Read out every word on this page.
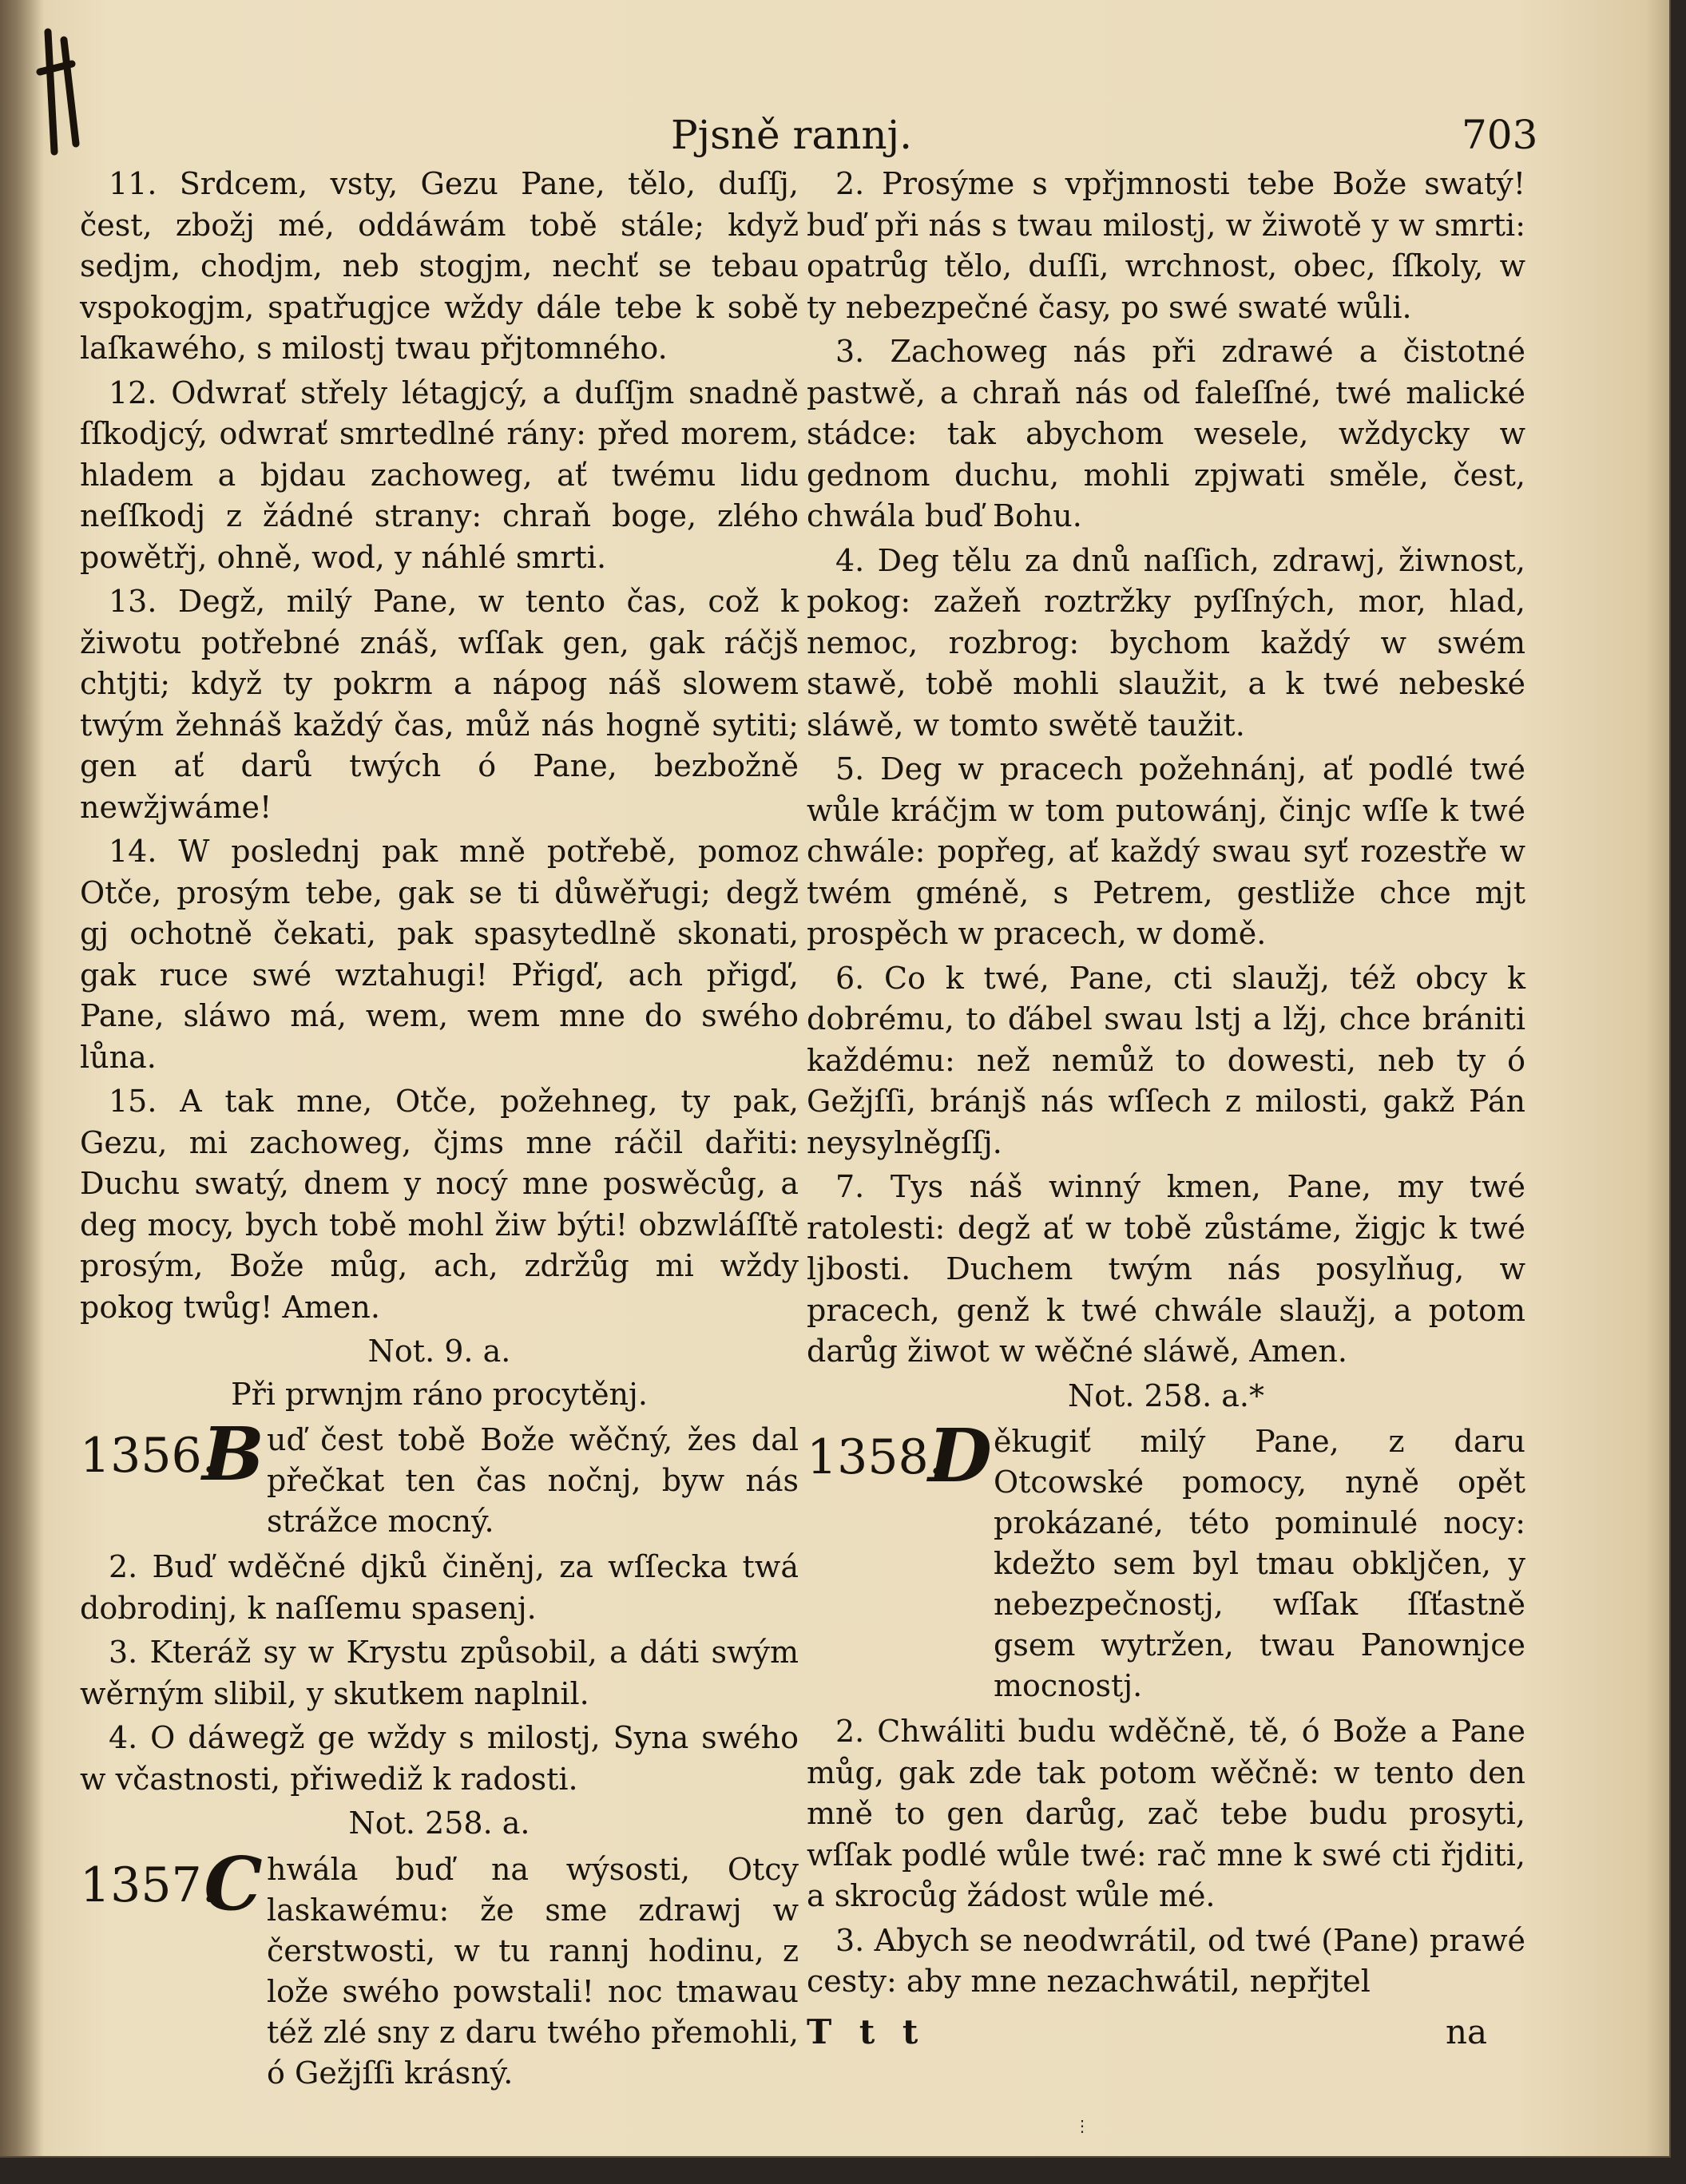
Pjsně rannj.	703

11. Srdcem, vsty, Gezu Pane, tělo, duſſj, čest, zbožj mé, oddáwám tobě stále; když sedjm, chodjm, neb stogjm, nechť se tebau vspokogjm, spatřugjce wždy dále tebe k sobě laſkawého, s milostj twau přjtomného.

12. Odwrať střely létagjcý, a duſſjm snadně ſſkodjcý, odwrať smrtedlné rány: před morem, hladem a bjdau zachoweg, ať twému lidu neſſkodj z žádné strany: chraň boge, zlého powětřj, ohně, wod, y náhlé smrti.

13. Degž, milý Pane, w tento čas, což k žiwotu potřebné znáš, wſſak gen, gak ráčjš chtjti; když ty pokrm a nápog náš slowem twým žehnáš každý čas, můž nás hogně sytiti; gen ať darů twých ó Pane, bezbožně newžjwáme!

14. W poslednj pak mně potřebě, pomoz Otče, prosým tebe, gak se ti důwěřugi; degž gj ochotně čekati, pak spasytedlně skonati, gak ruce swé wztahugi! Přigď, ach přigď, Pane, sláwo má, wem, wem mne do swého lůna.

15. A tak mne, Otče, požehneg, ty pak, Gezu, mi zachoweg, čjms mne ráčil dařiti: Duchu swatý, dnem y nocý mne poswěcůg, a deg mocy, bych tobě mohl žiw býti! obzwláſſtě prosým, Bože můg, ach, zdržůg mi wždy pokog twůg! Amen.

Not. 9. a.

Při prwnjm ráno procytěnj.

1356.
B uď čest tobě Bože wěčný, žes dal přečkat ten čas nočnj, byw nás strážce mocný.

2. Buď wděčné djků činěnj, za wſſecka twá dobrodinj, k naſſemu spasenj.

3. Kteráž sy w Krystu způsobil, a dáti swým wěrným slibil, y skutkem naplnil.

4. O dáwegž ge wždy s milostj, Syna swého w včastnosti, přiwediž k radosti.

Not. 258. a.

1357.
C hwála buď na wýsosti, Otcy laskawému: že sme zdrawj w čerstwosti, w tu rannj hodinu, z lože swého powstali! noc tmawau též zlé sny z daru twého přemohli, ó Gežjſſi krásný.

2. Prosýme s vpřjmnosti tebe Bože swatý! buď při nás s twau milostj, w žiwotě y w smrti: opatrůg tělo, duſſi, wrchnost, obec, ſſkoly, w ty nebezpečné časy, po swé swaté wůli.

3. Zachoweg nás při zdrawé a čistotné pastwě, a chraň nás od faleſſné, twé malické stádce: tak abychom wesele, wždycky w gednom duchu, mohli zpjwati směle, čest, chwála buď Bohu.

4. Deg tělu za dnů naſſich, zdrawj, žiwnost, pokog: zažeň roztržky pyſſných, mor, hlad, nemoc, rozbrog: bychom každý w swém stawě, tobě mohli slaužit, a k twé nebeské sláwě, w tomto swětě taužit.

5. Deg w pracech požehnánj, ať podlé twé wůle kráčjm w tom putowánj, činjc wſſe k twé chwále: popřeg, ať každý swau syť rozestře w twém gméně, s Petrem, gestliže chce mjt prospěch w pracech, w domě.

6. Co k twé, Pane, cti slaužj, též obcy k dobrému, to ďábel swau lstj a lžj, chce brániti každému: než nemůž to dowesti, neb ty ó Gežjſſi, bránjš nás wſſech z milosti, gakž Pán neysylněgſſj.

7. Tys náš winný kmen, Pane, my twé ratolesti: degž ať w tobě zůstáme, žigjc k twé ljbosti. Duchem twým nás posylňug, w pracech, genž k twé chwále slaužj, a potom darůg žiwot w wěčné sláwě, Amen.

Not. 258. a.*

1358.
D ěkugiť milý Pane, z daru Otcowské pomocy, nyně opět prokázané, této pominulé nocy: kdežto sem byl tmau obkljčen, y nebezpečnostj, wſſak ſſťastně gsem wytržen, twau Panownjce mocnostj.

2. Chwáliti budu wděčně, tě, ó Bože a Pane můg, gak zde tak potom wěčně: w tento den mně to gen darůg, zač tebe budu prosyti, wſſak podlé wůle twé: rač mne k swé cti řjditi, a skrocůg žádost wůle mé.

3. Abych se neodwrátil, od twé (Pane) prawé cesty: aby mne nezachwátil, nepřjtel

T t t	na
⋮
